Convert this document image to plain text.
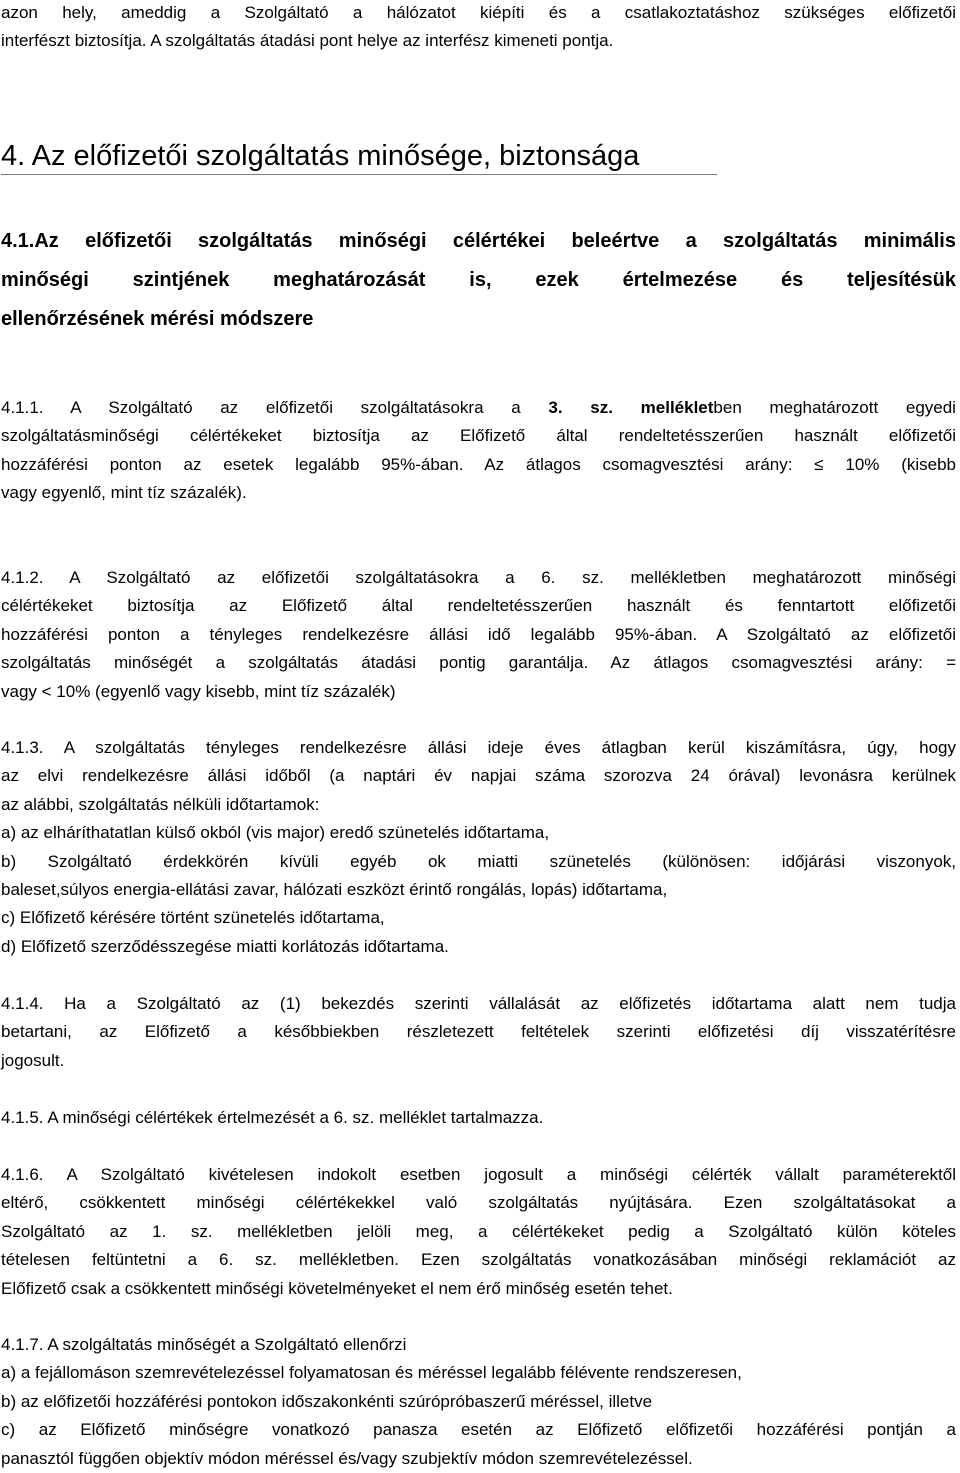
azon hely, ameddig a Szolgáltató a hálózatot kiépíti és a csatlakoztatáshoz szükséges előfizetői
interfészt biztosítja. A szolgáltatás átadási pont helye az interfész kimeneti pontja.
4. Az előfizetői szolgáltatás minősége, biztonsága
4.1.Az előfizetői szolgáltatás minőségi célértékei beleértve a szolgáltatás minimális
minőségi szintjének meghatározását is, ezek értelmezése és teljesítésük
ellenőrzésének mérési módszere
4.1.1. A Szolgáltató az előfizetői szolgáltatásokra a 3. sz. mellékletben meghatározott egyedi
szolgáltatásminőségi célértékeket biztosítja az Előfizető által rendeltetésszerűen használt előfizetői
hozzáférési ponton az esetek legalább 95%-ában. Az átlagos csomagvesztési arány: ≤ 10% (kisebb
vagy egyenlő, mint tíz százalék).
4.1.2. A Szolgáltató az előfizetői szolgáltatásokra a 6. sz. mellékletben meghatározott minőségi
célértékeket biztosítja az Előfizető által rendeltetésszerűen használt és fenntartott előfizetői
hozzáférési ponton a tényleges rendelkezésre állási idő legalább 95%-ában. A Szolgáltató az előfizetői
szolgáltatás minőségét a szolgáltatás átadási pontig garantálja. Az átlagos csomagvesztési arány: =
vagy < 10% (egyenlő vagy kisebb, mint tíz százalék)
4.1.3. A szolgáltatás tényleges rendelkezésre állási ideje éves átlagban kerül kiszámításra, úgy, hogy
az elvi rendelkezésre állási időből (a naptári év napjai száma szorozva 24 órával) levonásra kerülnek
az alábbi, szolgáltatás nélküli időtartamok:
a) az elháríthatatlan külső okból (vis major) eredő szünetelés időtartama,
b) Szolgáltató érdekkörén kívüli egyéb ok miatti szünetelés (különösen: időjárási viszonyok,
baleset,súlyos energia-ellátási zavar, hálózati eszközt érintő rongálás, lopás) időtartama,
c) Előfizető kérésére történt szünetelés időtartama,
d) Előfizető szerződésszegése miatti korlátozás időtartama.
4.1.4. Ha a Szolgáltató az (1) bekezdés szerinti vállalását az előfizetés időtartama alatt nem tudja
betartani, az Előfizető a későbbiekben részletezett feltételek szerinti előfizetési díj visszatérítésre
jogosult.
4.1.5. A minőségi célértékek értelmezését a 6. sz. melléklet tartalmazza.
4.1.6. A Szolgáltató kivételesen indokolt esetben jogosult a minőségi célérték vállalt paraméterektől
eltérő, csökkentett minőségi célértékekkel való szolgáltatás nyújtására. Ezen szolgáltatásokat a
Szolgáltató az 1. sz. mellékletben jelöli meg, a célértékeket pedig a Szolgáltató külön köteles
tételesen feltüntetni a 6. sz. mellékletben. Ezen szolgáltatás vonatkozásában minőségi reklamációt az
Előfizető csak a csökkentett minőségi követelményeket el nem érő minőség esetén tehet.
4.1.7. A szolgáltatás minőségét a Szolgáltató ellenőrzi
a) a fejállomáson szemrevételezéssel folyamatosan és méréssel legalább félévente rendszeresen,
b) az előfizetői hozzáférési pontokon időszakonkénti szúrópróbaszerű méréssel, illetve
c) az Előfizető minőségre vonatkozó panasza esetén az Előfizető előfizetői hozzáférési pontján a
panasztól függően objektív módon méréssel és/vagy szubjektív módon szemrevételezéssel.
